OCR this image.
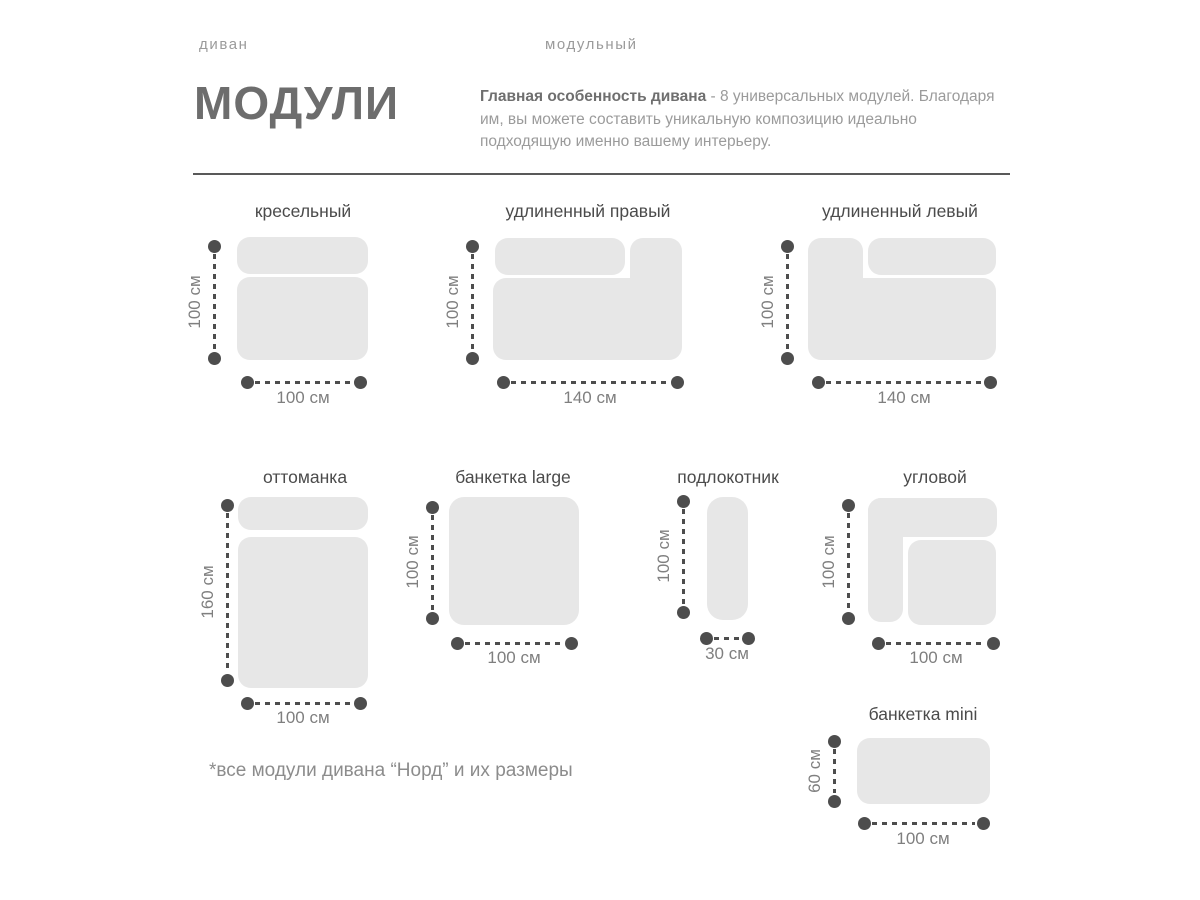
диван	модульный
МОДУЛИ	Главная особенность дивана - 8 универсальных модулей. Благодаря
им, вы можете составить уникальную композицию идеально
подходящую именно вашему интерьеру.
кресельный
100 см
100 см
удлиненный правый
100 см
140 см
удлиненный левый
100 см
140 см
оттоманка
160 см
100 см
банкетка large
100 см
100 см
подлокотник
100 см
30 см
угловой
100 см
100 см
банкетка mini
60 см
100 см
*все модули дивана “Норд” и их размеры
